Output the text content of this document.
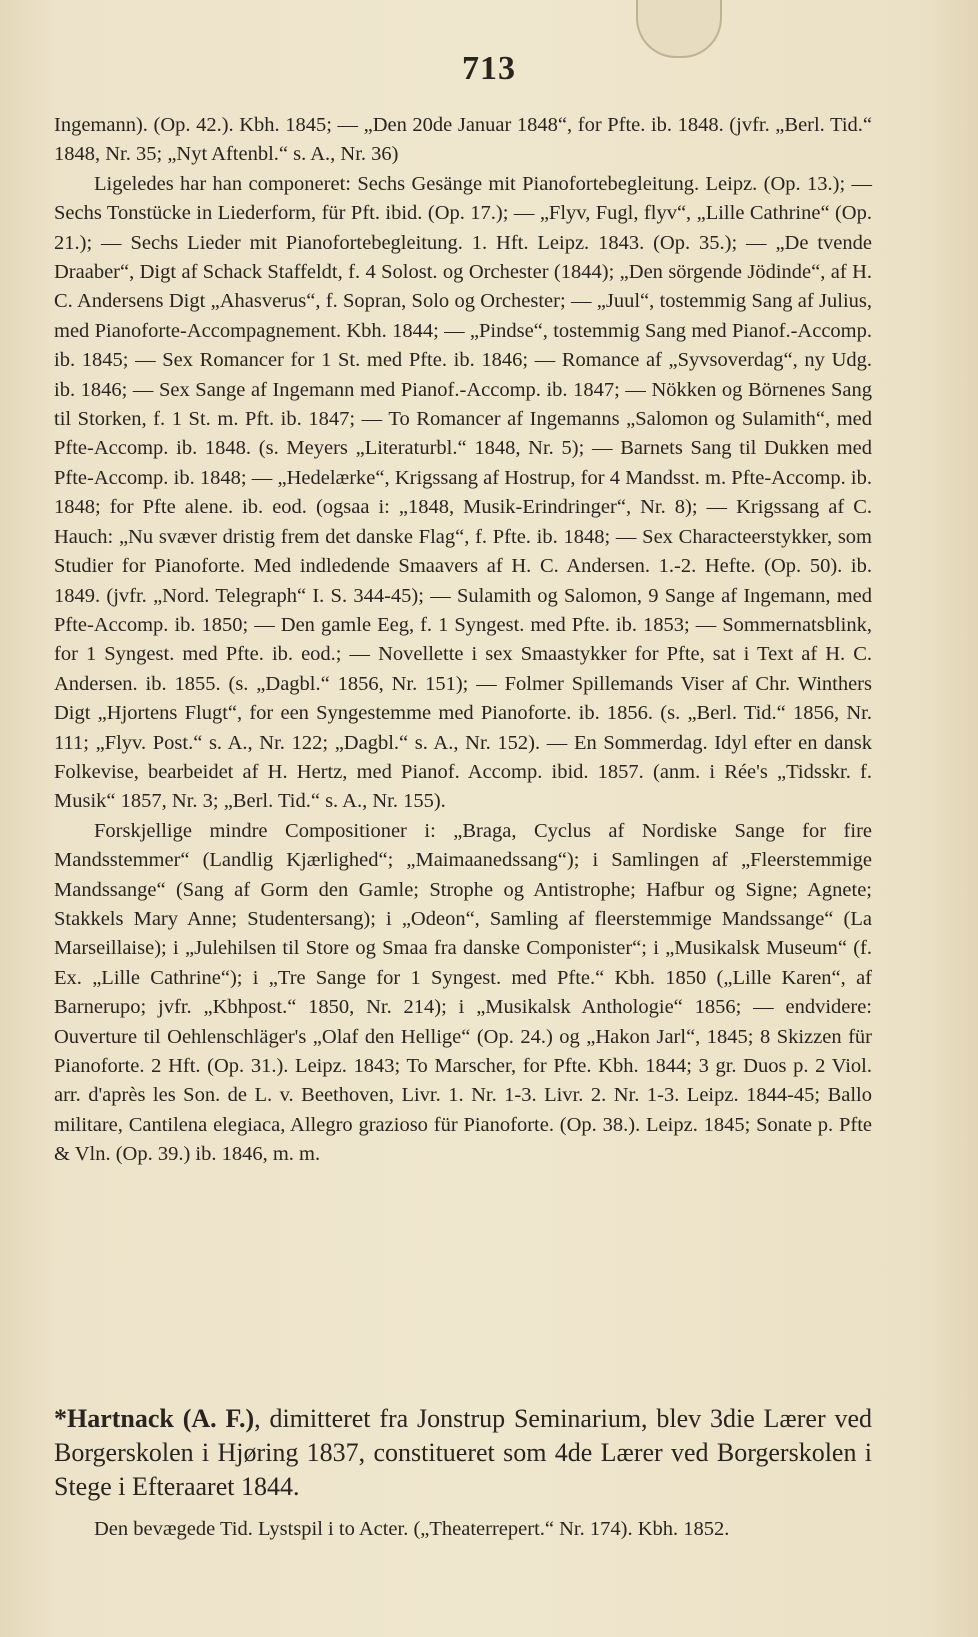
713

Ingemann). (Op. 42.). Kbh. 1845; — „Den 20de Januar 1848“, for Pfte. ib. 1848. (jvfr. „Berl. Tid.“ 1848, Nr. 35; „Nyt Aftenbl.“ s. A., Nr. 36)

Ligeledes har han componeret: Sechs Gesänge mit Pianofortebegleitung. Leipz. (Op. 13.); — Sechs Tonstücke in Liederform, für Pft. ibid. (Op. 17.); — „Flyv, Fugl, flyv“, „Lille Cathrine“ (Op. 21.); — Sechs Lieder mit Pianofortebegleitung. 1. Hft. Leipz. 1843. (Op. 35.); — „De tvende Draaber“, Digt af Schack Staffeldt, f. 4 Solost. og Orchester (1844); „Den sörgende Jödinde“, af H. C. Andersens Digt „Ahasverus“, f. Sopran, Solo og Orchester; — „Juul“, tostemmig Sang af Julius, med Pianoforte-Accompagnement. Kbh. 1844; — „Pindse“, tostemmig Sang med Pianof.-Accomp. ib. 1845; — Sex Romancer for 1 St. med Pfte. ib. 1846; — Romance af „Syvsoverdag“, ny Udg. ib. 1846; — Sex Sange af Ingemann med Pianof.-Accomp. ib. 1847; — Nökken og Börnenes Sang til Storken, f. 1 St. m. Pft. ib. 1847; — To Romancer af Ingemanns „Salomon og Sulamith“, med Pfte-Accomp. ib. 1848. (s. Meyers „Literaturbl.“ 1848, Nr. 5); — Barnets Sang til Dukken med Pfte-Accomp. ib. 1848; — „Hedelærke“, Krigssang af Hostrup, for 4 Mandsst. m. Pfte-Accomp. ib. 1848; for Pfte alene. ib. eod. (ogsaa i: „1848, Musik-Erindringer“, Nr. 8); — Krigssang af C. Hauch: „Nu svæver dristig frem det danske Flag“, f. Pfte. ib. 1848; — Sex Characteerstykker, som Studier for Pianoforte. Med indledende Smaavers af H. C. Andersen. 1.-2. Hefte. (Op. 50). ib. 1849. (jvfr. „Nord. Telegraph“ I. S. 344-45); — Sulamith og Salomon, 9 Sange af Ingemann, med Pfte-Accomp. ib. 1850; — Den gamle Eeg, f. 1 Syngest. med Pfte. ib. 1853; — Sommernatsblink, for 1 Syngest. med Pfte. ib. eod.; — Novellette i sex Smaastykker for Pfte, sat i Text af H. C. Andersen. ib. 1855. (s. „Dagbl.“ 1856, Nr. 151); — Folmer Spillemands Viser af Chr. Winthers Digt „Hjortens Flugt“, for een Syngestemme med Pianoforte. ib. 1856. (s. „Berl. Tid.“ 1856, Nr. 111; „Flyv. Post.“ s. A., Nr. 122; „Dagbl.“ s. A., Nr. 152). — En Sommerdag. Idyl efter en dansk Folkevise, bearbeidet af H. Hertz, med Pianof. Accomp. ibid. 1857. (anm. i Rée's „Tidsskr. f. Musik“ 1857, Nr. 3; „Berl. Tid.“ s. A., Nr. 155).

Forskjellige mindre Compositioner i: „Braga, Cyclus af Nordiske Sange for fire Mandsstemmer“ (Landlig Kjærlighed“; „Maimaanedssang“); i Samlingen af „Fleerstemmige Mandssange“ (Sang af Gorm den Gamle; Strophe og Antistrophe; Hafbur og Signe; Agnete; Stakkels Mary Anne; Studentersang); i „Odeon“, Samling af fleerstemmige Mandssange“ (La Marseillaise); i „Julehilsen til Store og Smaa fra danske Componister“; i „Musikalsk Museum“ (f. Ex. „Lille Cathrine“); i „Tre Sange for 1 Syngest. med Pfte.“ Kbh. 1850 („Lille Karen“, af Barnerupo; jvfr. „Kbhpost.“ 1850, Nr. 214); i „Musikalsk Anthologie“ 1856; — endvidere: Ouverture til Oehlenschläger's „Olaf den Hellige“ (Op. 24.) og „Hakon Jarl“, 1845; 8 Skizzen für Pianoforte. 2 Hft. (Op. 31.). Leipz. 1843; To Marscher, for Pfte. Kbh. 1844; 3 gr. Duos p. 2 Viol. arr. d'après les Son. de L. v. Beethoven, Livr. 1. Nr. 1-3. Livr. 2. Nr. 1-3. Leipz. 1844-45; Ballo militare, Cantilena elegiaca, Allegro grazioso für Pianoforte. (Op. 38.). Leipz. 1845; Sonate p. Pfte & Vln. (Op. 39.) ib. 1846, m. m.

*Hartnack (A. F.), dimitteret fra Jonstrup Seminarium, blev 3die Lærer ved Borgerskolen i Hjøring 1837, constitueret som 4de Lærer ved Borgerskolen i Stege i Efteraaret 1844.
Den bevægede Tid. Lystspil i to Acter. („Theaterrepert.“ Nr. 174). Kbh. 1852.
